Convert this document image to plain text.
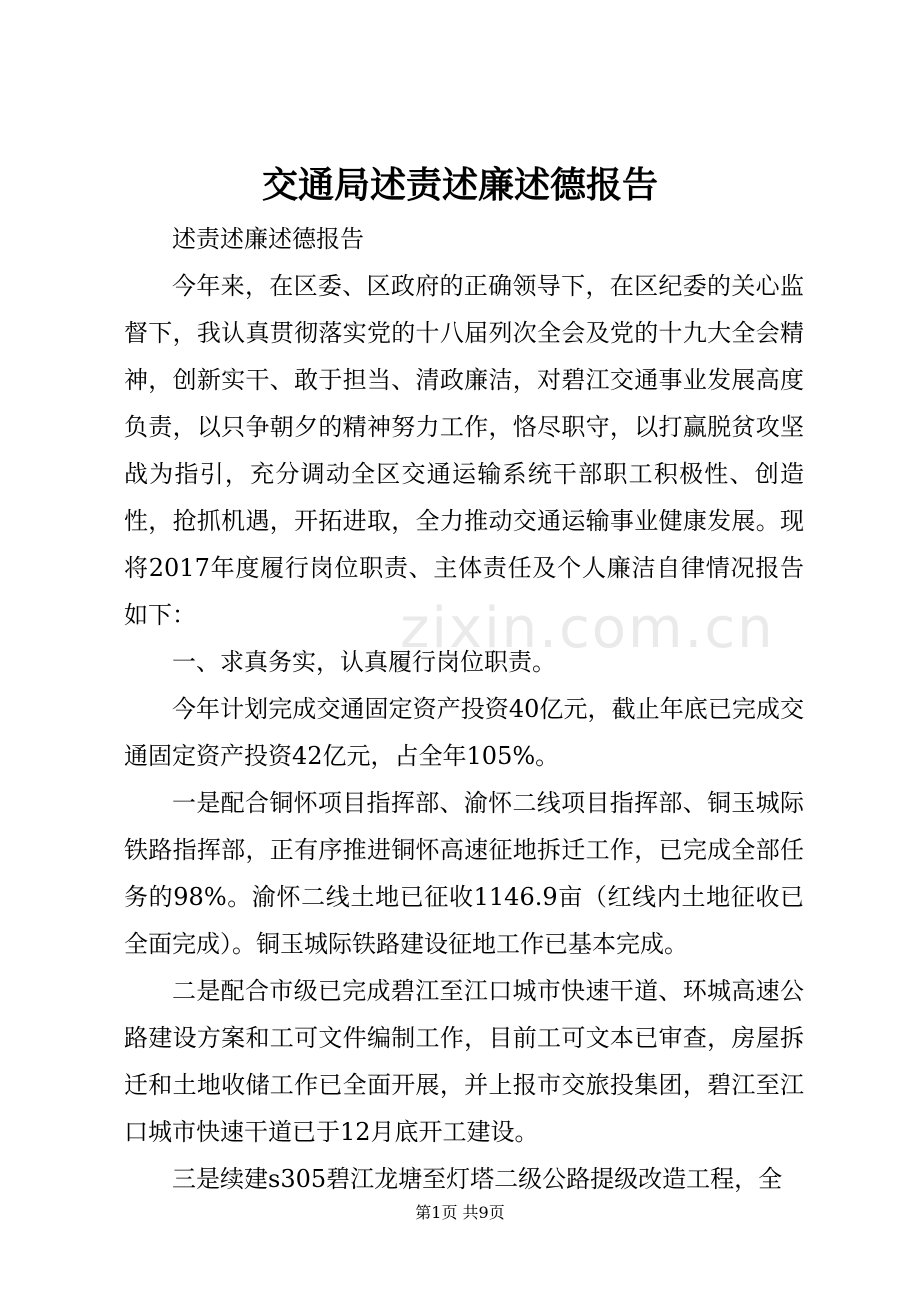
交通局述责述廉述德报告

述责述廉述德报告

今年来，在区委、区政府的正确领导下，在区纪委的关心监督下，我认真贯彻落实党的十八届列次全会及党的十九大全会精神，创新实干、敢于担当、清政廉洁，对碧江交通事业发展高度负责，以只争朝夕的精神努力工作，恪尽职守，以打赢脱贫攻坚战为指引，充分调动全区交通运输系统干部职工积极性、创造性，抢抓机遇，开拓进取，全力推动交通运输事业健康发展。现将2017年度履行岗位职责、主体责任及个人廉洁自律情况报告如下：

一、求真务实，认真履行岗位职责。

今年计划完成交通固定资产投资40亿元，截止年底已完成交通固定资产投资42亿元，占全年105%。

一是配合铜怀项目指挥部、渝怀二线项目指挥部、铜玉城际铁路指挥部，正有序推进铜怀高速征地拆迁工作，已完成全部任务的98%。渝怀二线土地已征收1146.9亩（红线内土地征收已全面完成）。铜玉城际铁路建设征地工作已基本完成。

二是配合市级已完成碧江至江口城市快速干道、环城高速公路建设方案和工可文件编制工作，目前工可文本已审查，房屋拆迁和土地收储工作已全面开展，并上报市交旅投集团，碧江至江口城市快速干道已于12月底开工建设。

三是续建s305碧江龙塘至灯塔二级公路提级改造工程，全

zixin.com.cn
第1页 共9页
